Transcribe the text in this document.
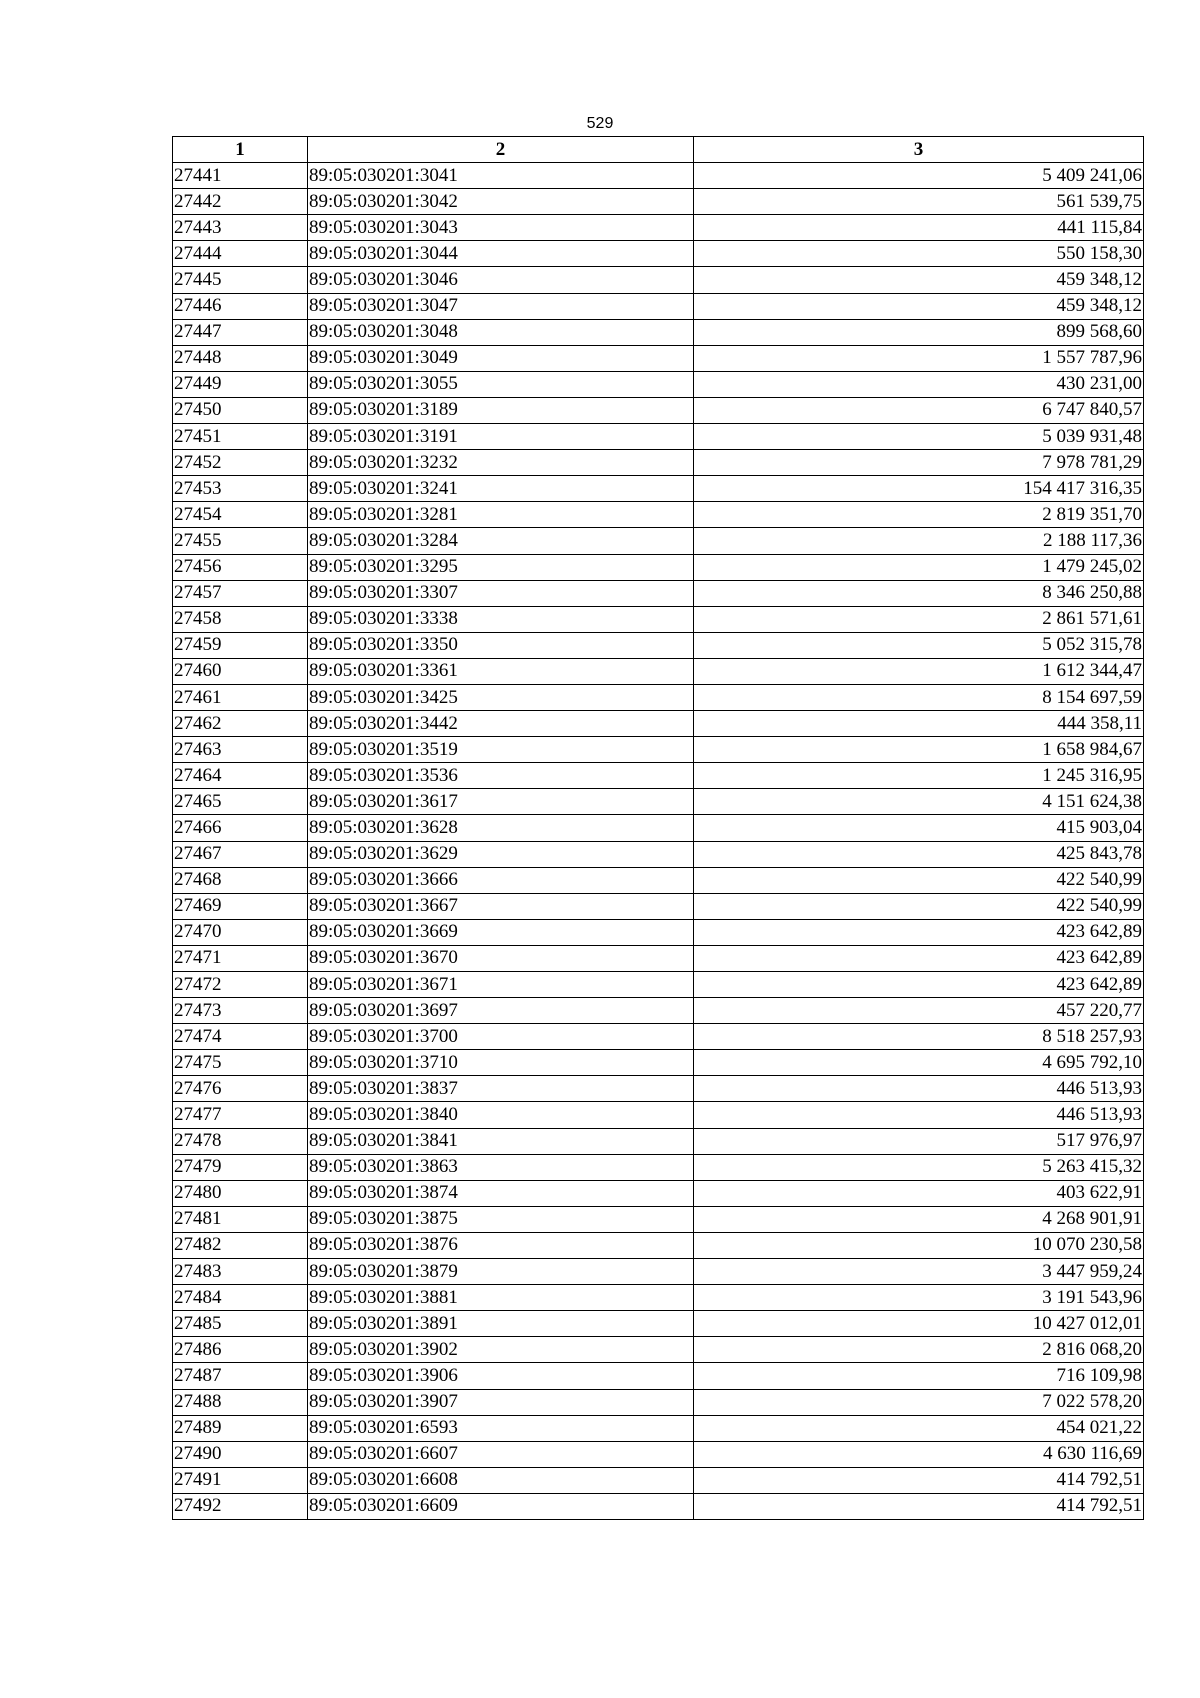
529
1	2	3
27441	89:05:030201:3041	5 409 241,06
27442	89:05:030201:3042	561 539,75
27443	89:05:030201:3043	441 115,84
27444	89:05:030201:3044	550 158,30
27445	89:05:030201:3046	459 348,12
27446	89:05:030201:3047	459 348,12
27447	89:05:030201:3048	899 568,60
27448	89:05:030201:3049	1 557 787,96
27449	89:05:030201:3055	430 231,00
27450	89:05:030201:3189	6 747 840,57
27451	89:05:030201:3191	5 039 931,48
27452	89:05:030201:3232	7 978 781,29
27453	89:05:030201:3241	154 417 316,35
27454	89:05:030201:3281	2 819 351,70
27455	89:05:030201:3284	2 188 117,36
27456	89:05:030201:3295	1 479 245,02
27457	89:05:030201:3307	8 346 250,88
27458	89:05:030201:3338	2 861 571,61
27459	89:05:030201:3350	5 052 315,78
27460	89:05:030201:3361	1 612 344,47
27461	89:05:030201:3425	8 154 697,59
27462	89:05:030201:3442	444 358,11
27463	89:05:030201:3519	1 658 984,67
27464	89:05:030201:3536	1 245 316,95
27465	89:05:030201:3617	4 151 624,38
27466	89:05:030201:3628	415 903,04
27467	89:05:030201:3629	425 843,78
27468	89:05:030201:3666	422 540,99
27469	89:05:030201:3667	422 540,99
27470	89:05:030201:3669	423 642,89
27471	89:05:030201:3670	423 642,89
27472	89:05:030201:3671	423 642,89
27473	89:05:030201:3697	457 220,77
27474	89:05:030201:3700	8 518 257,93
27475	89:05:030201:3710	4 695 792,10
27476	89:05:030201:3837	446 513,93
27477	89:05:030201:3840	446 513,93
27478	89:05:030201:3841	517 976,97
27479	89:05:030201:3863	5 263 415,32
27480	89:05:030201:3874	403 622,91
27481	89:05:030201:3875	4 268 901,91
27482	89:05:030201:3876	10 070 230,58
27483	89:05:030201:3879	3 447 959,24
27484	89:05:030201:3881	3 191 543,96
27485	89:05:030201:3891	10 427 012,01
27486	89:05:030201:3902	2 816 068,20
27487	89:05:030201:3906	716 109,98
27488	89:05:030201:3907	7 022 578,20
27489	89:05:030201:6593	454 021,22
27490	89:05:030201:6607	4 630 116,69
27491	89:05:030201:6608	414 792,51
27492	89:05:030201:6609	414 792,51
